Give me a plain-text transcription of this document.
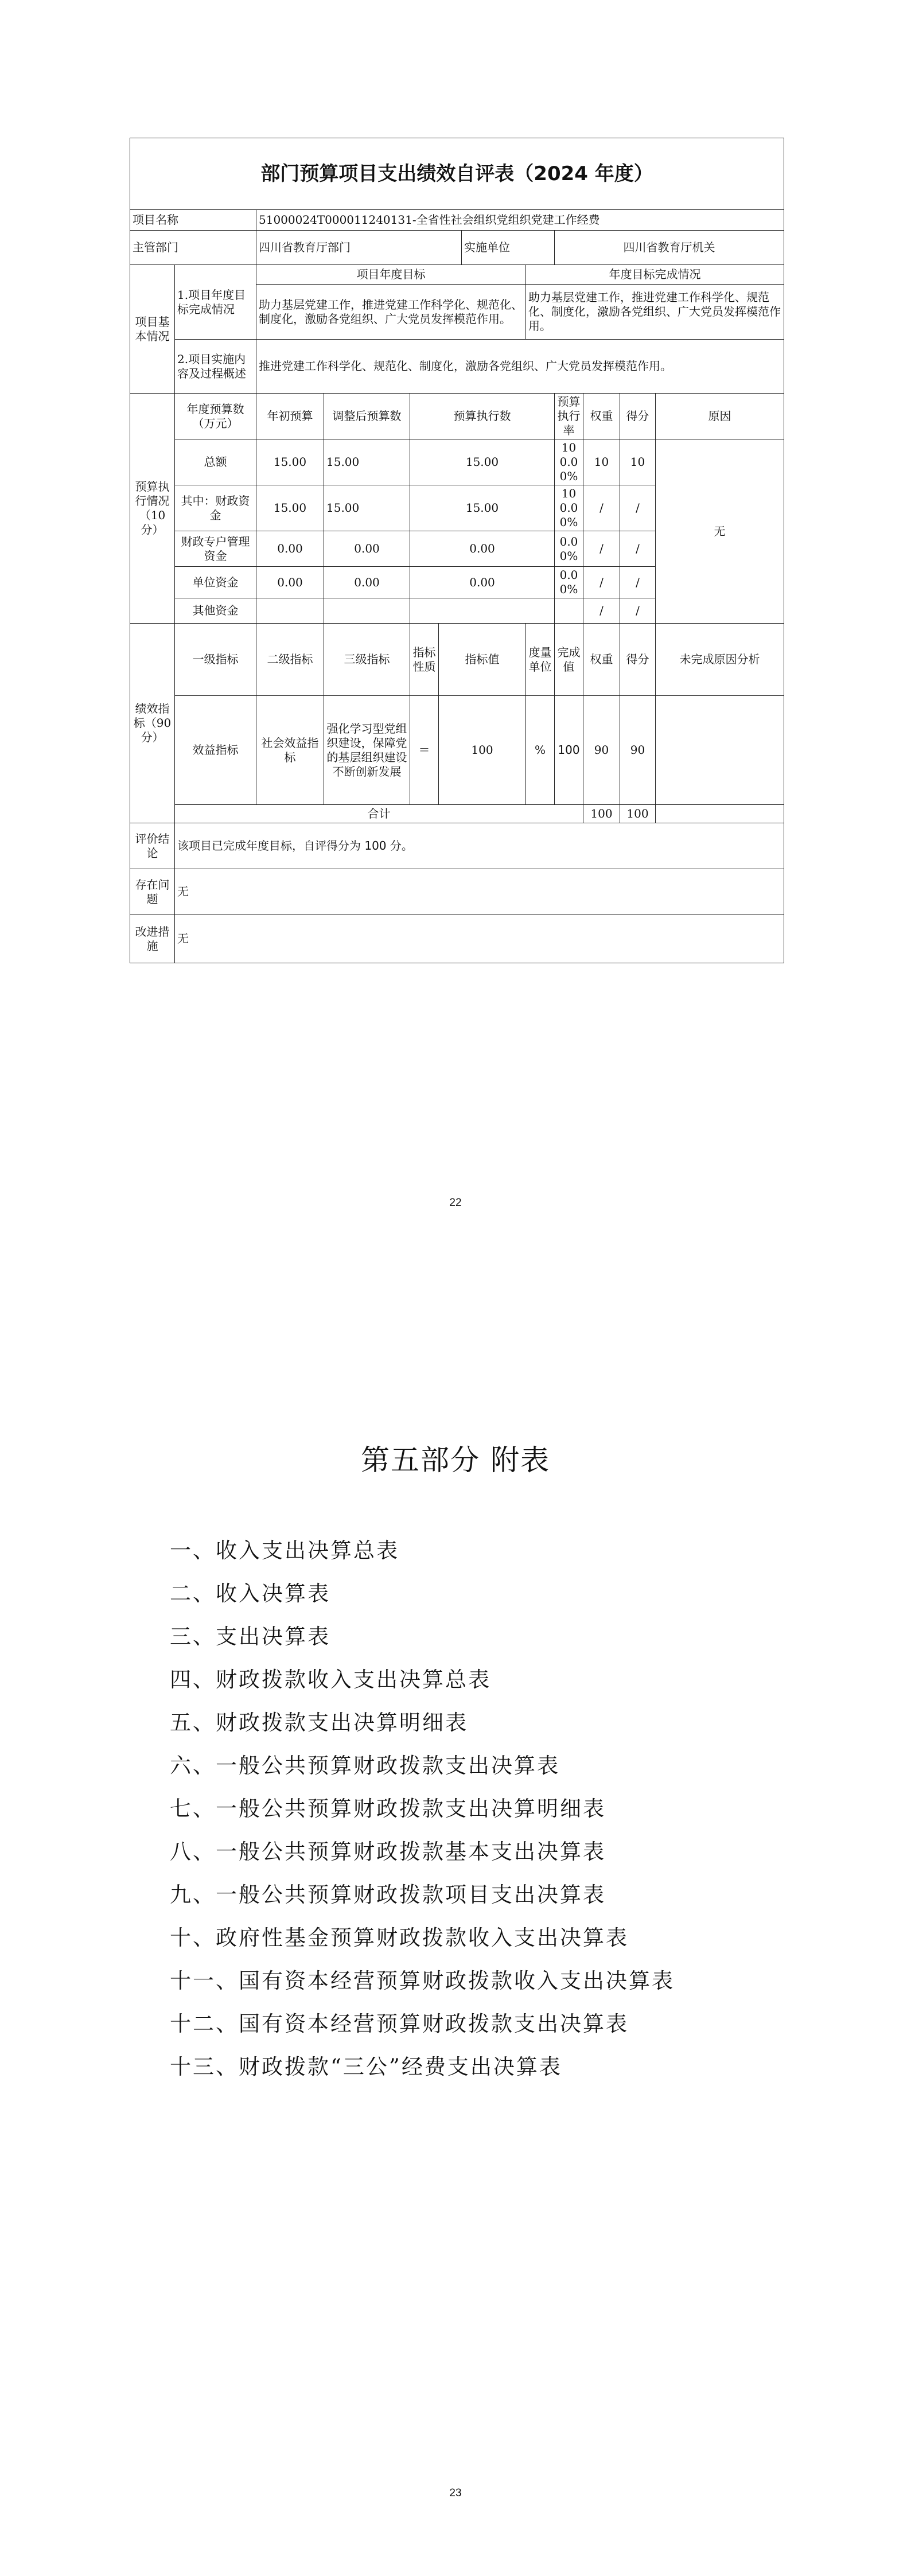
部门预算项目支出绩效自评表（2024 年度）											
项目名称		51000024T000011240131-全省性社会组织党组织党建工作经费									
主管部门		四川省教育厅部门				实施单位		四川省教育厅机关			
项目基本情况	1.项目年度目标完成情况	项目年度目标					年度目标完成情况				
		助力基层党建工作，推进党建工作科学化、规范化、制度化，激励各党组织、广大党员发挥模范作用。					助力基层党建工作，推进党建工作科学化、规范化、制度化，激励各党组织、广大党员发挥模范作用。				
	2.项目实施内容及过程概述	推进党建工作科学化、规范化、制度化，激励各党组织、广大党员发挥模范作用。									
预算执行情况（10分）	年度预算数（万元）	年初预算	调整后预算数	预算执行数				预算执行率	权重	得分	原因
	总额	15.00	15.00	15.00				100.00%	10	10	无
	其中：财政资金	15.00	15.00	15.00				100.00%	/	/	
	财政专户管理资金	0.00	0.00	0.00				0.00%	/	/	
	单位资金	0.00	0.00	0.00				0.00%	/	/	
	其他资金								/	/	
绩效指标（90分）	一级指标	二级指标	三级指标	指标性质	指标值		度量单位	完成值	权重	得分	未完成原因分析
	效益指标	社会效益指标	强化学习型党组织建设，保障党的基层组织建设不断创新发展	＝	100		%	100	90	90	
	合计								100	100	
评价结论	该项目已完成年度目标，自评得分为 100 分。										
存在问题	无										
改进措施	无										
22
第五部分 附表
一、收入支出决算总表
二、收入决算表
三、支出决算表
四、财政拨款收入支出决算总表
五、财政拨款支出决算明细表
六、一般公共预算财政拨款支出决算表
七、一般公共预算财政拨款支出决算明细表
八、一般公共预算财政拨款基本支出决算表
九、一般公共预算财政拨款项目支出决算表
十、政府性基金预算财政拨款收入支出决算表
十一、国有资本经营预算财政拨款收入支出决算表
十二、国有资本经营预算财政拨款支出决算表
十三、财政拨款“三公”经费支出决算表
23
